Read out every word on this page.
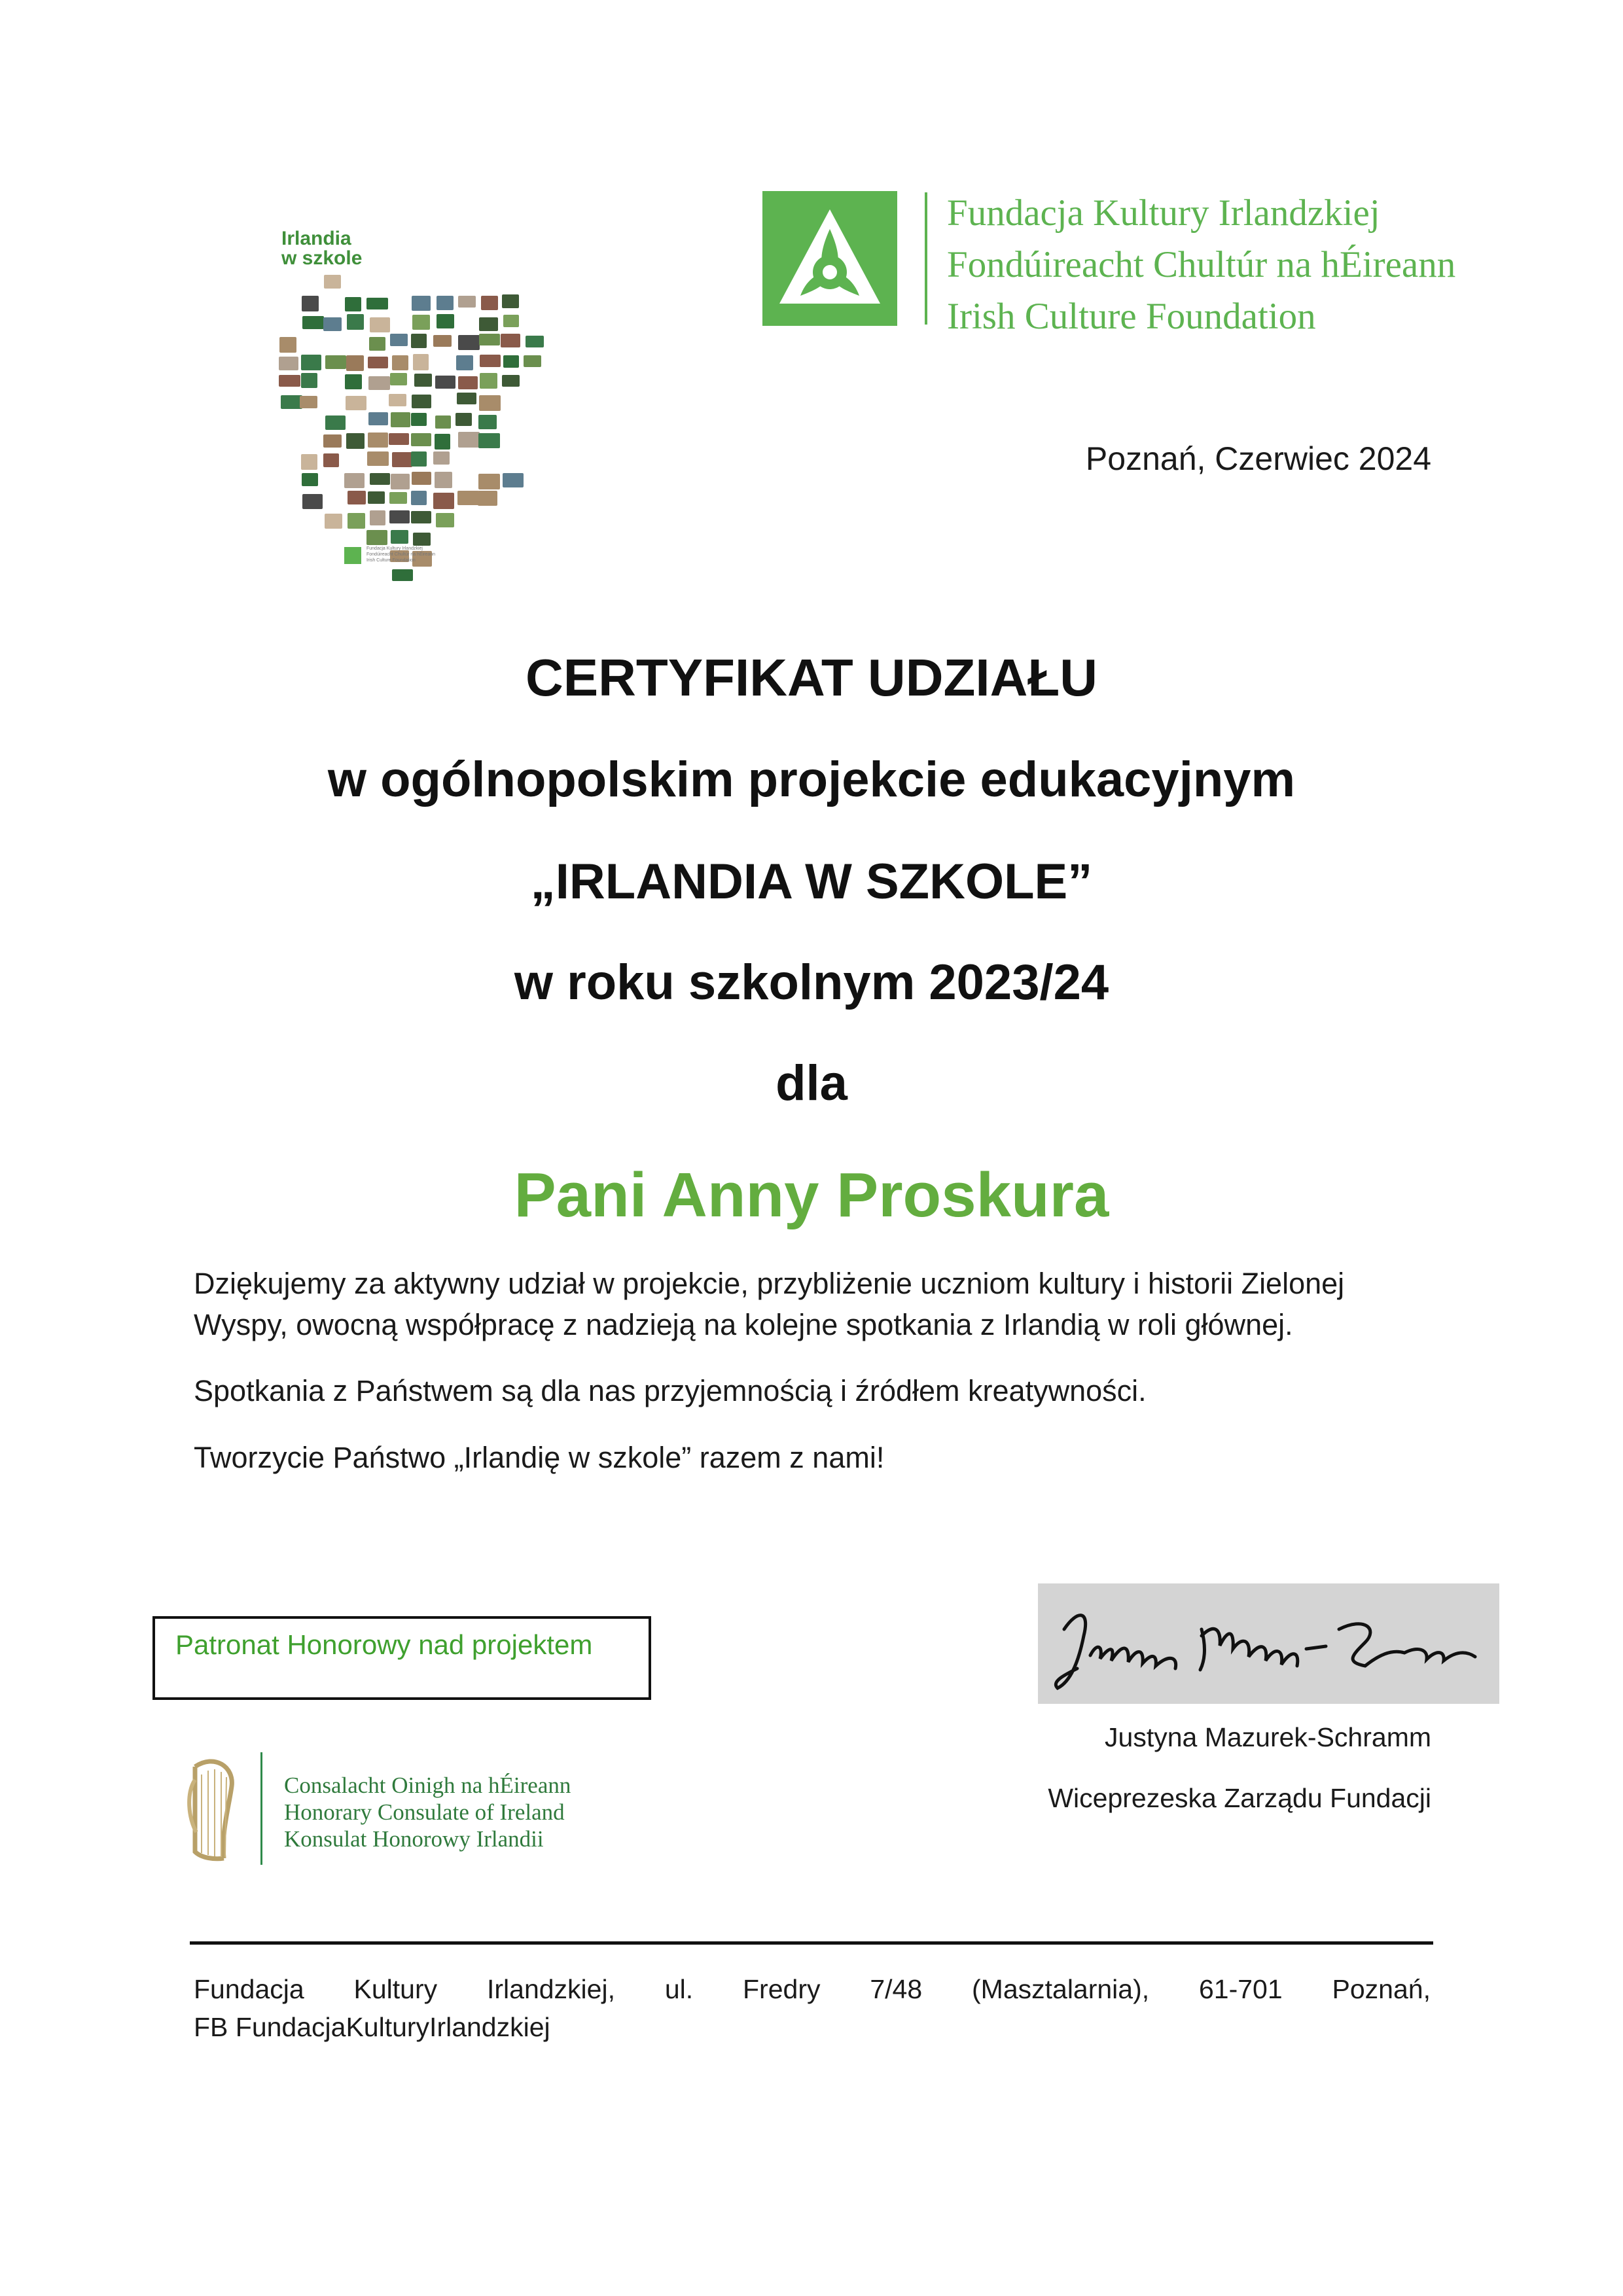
Irlandia
w szkole
Fundacja Kultury Irlandzkiej
Fondúireacht Chultúr na hÉireann
Irish Culture Foundation
Fundacja Kultury Irlandzkiej
Fondúireacht Chultúr na hÉireann
Irish Culture Foundation
Poznań, Czerwiec 2024
CERTYFIKAT UDZIAŁU
w ogólnopolskim projekcie edukacyjnym
„IRLANDIA W SZKOLE”
w roku szkolnym 2023/24
dla
Pani Anny Proskura
Dziękujemy za aktywny udział w projekcie, przybliżenie uczniom kultury i historii Zielonej Wyspy, owocną współpracę z nadzieją na kolejne spotkania z Irlandią w roli głównej.
Spotkania z Państwem są dla nas przyjemnością i źródłem kreatywności.
Tworzycie Państwo „Irlandię w szkole” razem z nami!
Patronat Honorowy nad projektem
Consalacht Oinigh na hÉireann
Honorary Consulate of Ireland
Konsulat Honorowy Irlandii
Justyna Mazurek-Schramm
Wiceprezeska Zarządu Fundacji
Fundacja Kultury Irlandzkiej, ul. Fredry 7/48 (Masztalarnia), 61-701 Poznań,
FB FundacjaKulturyIrlandzkiej
